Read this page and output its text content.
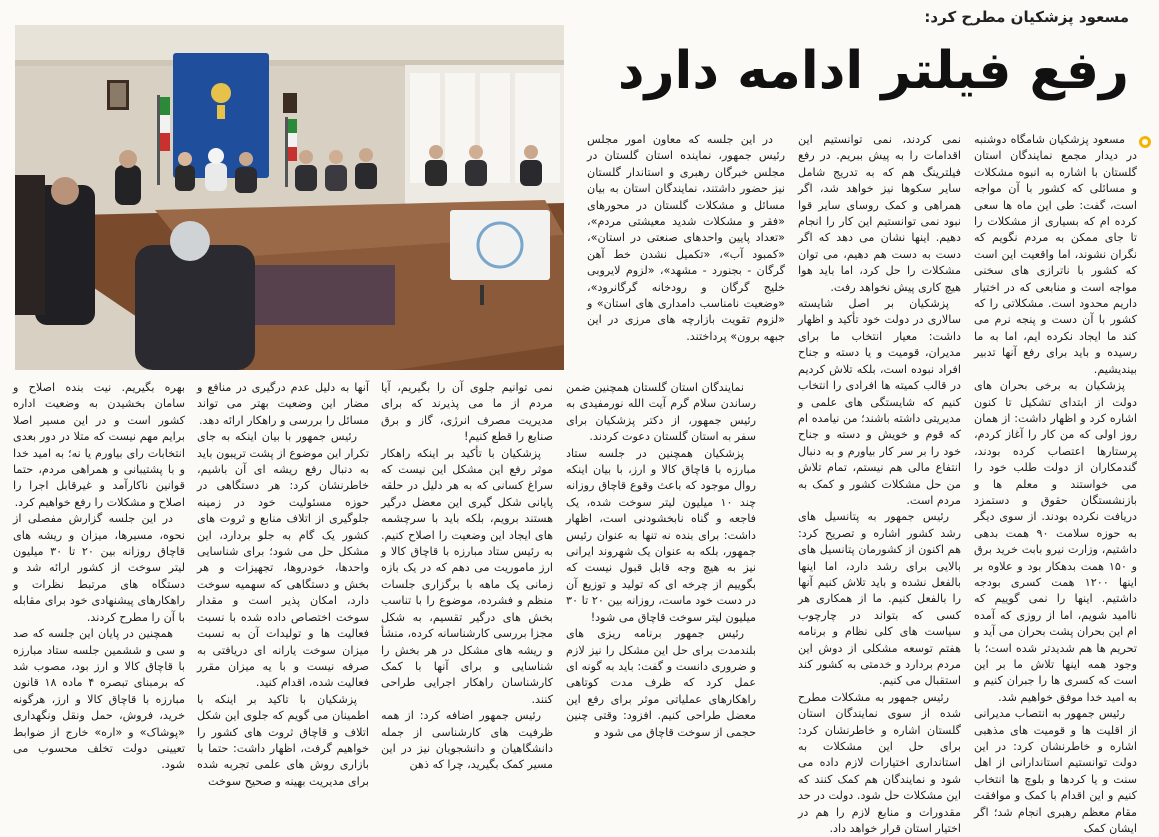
مسعود پزشکیان مطرح کرد:
رفع فیلتر ادامه دارد

مسعود پزشکیان شامگاه دوشنبه در دیدار مجمع نمایندگان استان گلستان با اشاره به انبوه مشکلات و مسائلی که کشور با آن مواجه است، گفت: طی این ماه ها سعی کرده ام که بسیاری از مشکلات را تا جای ممکن به مردم نگویم که نگران نشوند، اما واقعیت این است که کشور با ناترازی های سخنی مواجه است و منابعی که در اختیار داریم محدود است. مشکلاتی را که کشور با آن دست و پنجه نرم می کند ما ایجاد نکرده ایم، اما به ما رسیده و باید برای رفع آنها تدبیر بیندیشیم.

پزشکیان به برخی بحران های دولت از ابتدای تشکیل تا کنون اشاره کرد و اظهار داشت: از همان روز اولی که من کار را آغاز کردم، پرستارها اعتصاب کرده بودند، گندمکاران از دولت طلب خود را می خواستند و معلم ها و بازنشستگان حقوق و دستمزد دریافت نکرده بودند. از سوی دیگر به حوزه سلامت ۹۰ همت بدهی داشتیم، وزارت نیرو بابت خرید برق و ۱۵۰ همت بدهکار بود و علاوه بر اینها ۱۲۰۰ همت کسری بودجه داشتیم. اینها را نمی گوییم که ناامید شویم، اما از روزی که آمده ام این بحران پشت بحران می آید و تحریم ها هم شدیدتر شده است؛ با وجود همه اینها تلاش ما بر این است که کسری ها را جبران کنیم و به امید خدا موفق خواهیم شد.

رئیس جمهور به انتصاب مدیرانی از اقلیت ها و قومیت های مذهبی اشاره و خاطرنشان کرد: در این دولت توانستیم استاندارانی از اهل سنت و یا کردها و بلوچ ها انتخاب کنیم و این اقدام با کمک و موافقت مقام معظم رهبری انجام شد؛ اگر ایشان کمک

نمی کردند، نمی توانستیم این اقدامات را به پیش ببریم. در رفع فیلترینگ هم که به تدریج شامل سایر سکوها نیز خواهد شد، اگر همراهی و کمک روسای سایر قوا نبود نمی توانستیم این کار را انجام دهیم. اینها نشان می دهد که اگر دست به دست هم دهیم، می توان مشکلات را حل کرد، اما باید هوا هیچ کاری پیش نخواهد رفت.

پزشکیان بر اصل شایسته سالاری در دولت خود تأکید و اظهار داشت: معیار انتخاب ما برای مدیران، قومیت و یا دسته و جناح افراد نبوده است، بلکه تلاش کردیم در قالب کمیته ها افرادی را انتخاب کنیم که شایستگی های علمی و مدیریتی داشته باشند؛ من نیامده ام که قوم و خویش و دسته و جناح خود را بر سر کار بیاورم و به دنبال انتفاع مالی هم نیستم، تمام تلاش من حل مشکلات کشور و کمک به مردم است.

رئیس جمهور به پتانسیل های رشد کشور اشاره و تصریح کرد: هم اکنون از کشورمان پتانسیل های بالایی برای رشد دارد، اما اینها بالفعل نشده و باید تلاش کنیم آنها را بالفعل کنیم. ما از همکاری هر کسی که بتواند در چارچوب سیاست های کلی نظام و برنامه هفتم توسعه مشکلی از دوش این مردم بردارد و خدمتی به کشور کند استقبال می کنیم.

رئیس جمهور به مشکلات مطرح شده از سوی نمایندگان استان گلستان اشاره و خاطرنشان کرد: برای حل این مشکلات به استانداری اختیارات لازم داده می شود و نمایندگان هم کمک کنند که این مشکلات حل شود. دولت در حد مقدورات و منابع لازم را هم در اختیار استان قرار خواهد داد.

در این جلسه که معاون امور مجلس رئیس جمهور، نماینده استان گلستان در مجلس خبرگان رهبری و استاندار گلستان نیز حضور داشتند، نمایندگان استان به بیان مسائل و مشکلات گلستان در محورهای «فقر و مشکلات شدید معیشتی مردم»، «تعداد پایین واحدهای صنعتی در استان»، «کمبود آب»، «تکمیل نشدن خط آهن گرگان - بجنورد - مشهد»، «لزوم لایروبی خلیج گرگان و رودخانه گرگانرود»، «وضعیت نامناسب دامداری های استان» و «لزوم تقویت بازارچه های مرزی در این جبهه برون» پرداختند.

نمایندگان استان گلستان همچنین ضمن رساندن سلام گرم آیت الله نورمفیدی به رئیس جمهور، از دکتر پزشکیان برای سفر به استان گلستان دعوت کردند.

پزشکیان همچنین در جلسه ستاد مبارزه با قاچاق کالا و ارز، با بیان اینکه روال موجود که باعث وقوع قاچاق روزانه چند ۱۰ میلیون لیتر سوخت شده، یک فاجعه و گناه نابخشودنی است، اظهار داشت: برای بنده نه تنها به عنوان رئیس جمهور، بلکه به عنوان یک شهروند ایرانی نیز به هیچ وجه قابل قبول نیست که بگوییم از چرخه ای که تولید و توزیع آن در دست خود ماست، روزانه بین ۲۰ تا ۳۰ میلیون لیتر سوخت قاچاق می شود!

رئیس جمهور برنامه ریزی های بلندمدت برای حل این مشکل را نیز لازم و ضروری دانست و گفت: باید به گونه ای عمل کرد که ظرف مدت کوتاهی راهکارهای عملیاتی موثر برای رفع این معضل طراحی کنیم. افزود: وقتی چنین حجمی از سوخت قاچاق می شود و

نمی توانیم جلوی آن را بگیریم، آیا مردم از ما می پذیرند که برای مدیریت مصرف انرژی، گاز و برق صنایع را قطع کنیم!

پزشکیان با تأکید بر اینکه راهکار موثر رفع این مشکل این نیست که سراغ کسانی که به هر دلیل در حلقه پایانی شکل گیری این معضل درگیر هستند برویم، بلکه باید با سرچشمه های ایجاد این وضعیت را اصلاح کنیم. به رئیس ستاد مبارزه با قاچاق کالا و ارز ماموریت می دهم که در یک بازه زمانی یک ماهه با برگزاری جلسات منظم و فشرده، موضوع را با تناسب بخش های درگیر تقسیم، به شکل مجزا بررسی کارشناسانه کرده، منشأ و ریشه های مشکل در هر بخش را شناسایی و برای آنها با کمک کارشناسان راهکار اجرایی طراحی کنند.

رئیس جمهور اضافه کرد: از همه ظرفیت های کارشناسی از جمله دانشگاهیان و دانشجویان نیز در این مسیر کمک بگیرید، چرا که ذهن

آنها به دلیل عدم درگیری در منافع و مضار این وضعیت بهتر می تواند مسائل را بررسی و راهکار ارائه دهد.

رئیس جمهور با بیان اینکه به جای تکرار این موضوع از پشت تریبون باید به دنبال رفع ریشه ای آن باشیم، خاطرنشان کرد: هر دستگاهی در حوزه مسئولیت خود در زمینه جلوگیری از اتلاف منابع و ثروت های کشور یک گام به جلو بردارد، این مشکل حل می شود؛ برای شناسایی واحدها، خودروها، تجهیزات و هر بخش و دستگاهی که سهمیه سوخت دارد، امکان پذیر است و مقدار سوخت اختصاص داده شده با نسبت فعالیت ها و تولیدات آن به نسبت میزان سوخت یارانه ای دریافتی به صرفه نیست و با یه میزان مقرر فعالیت شده، اقدام کنید.

پزشکیان با تاکید بر اینکه با اطمینان می گویم که جلوی این شکل اتلاف و قاچاق ثروت های کشور را خواهیم گرفت، اظهار داشت: حتما با بازاری روش های علمی تجربه شده برای مدیریت بهینه و صحیح سوخت

بهره بگیریم. نیت بنده اصلاح و سامان بخشیدن به وضعیت اداره کشور است و در این مسیر اصلا برایم مهم نیست که متلا در دور بعدی انتخابات رای بیاورم یا نه؛ به امید خدا و با پشتیبانی و همراهی مردم، حتما قوانین ناکارآمد و غیرقابل اجرا را اصلاح و مشکلات را رفع خواهیم کرد.

در این جلسه گزارش مفصلی از نحوه، مسیرها، میزان و ریشه های قاچاق روزانه بین ۲۰ تا ۳۰ میلیون لیتر سوخت از کشور ارائه شد و دستگاه های مرتبط نظرات و راهکارهای پیشنهادی خود برای مقابله با آن را مطرح کردند.

همچنین در پایان این جلسه که صد و سی و ششمین جلسه ستاد مبارزه با قاچاق کالا و ارز بود، مصوب شد که برمبنای تبصره ۴ ماده ۱۸ قانون مبارزه با قاچاق کالا و ارز، هرگونه خرید، فروش، حمل ونقل ونگهداری «پوشاک» و «اره» خارج از ضوابط تعیینی دولت تخلف محسوب می شود.
